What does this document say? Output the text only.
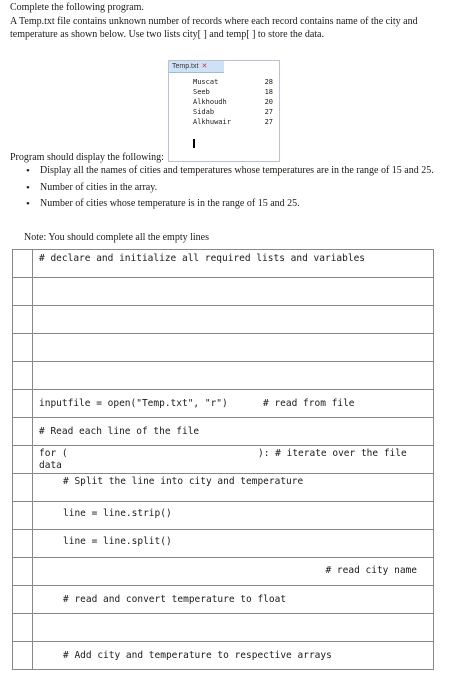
Complete the following program.
A Temp.txt file contains unknown number of records where each record contains name of the city and temperature as shown below. Use two lists city[ ] and temp[ ] to store the data.
Temp.txt ✕
Muscat	28
Seeb	18
Alkhoudh	20
Sidab	27
Alkhuwair	27
Program should display the following:
• Display all the names of cities and temperatures whose temperatures are in the range of 15 and 25.
• Number of cities in the array.
• Number of cities whose temperature is in the range of 15 and 25.
Note: You should complete all the empty lines
# declare and initialize all required lists and variables
inputfile = open("Temp.txt", "r")	# read from file
# Read each line of the file
for (	): # iterate over the file
data
# Split the line into city and temperature
line = line.strip()
line = line.split()
# read city name
# read and convert temperature to float
# Add city and temperature to respective arrays
